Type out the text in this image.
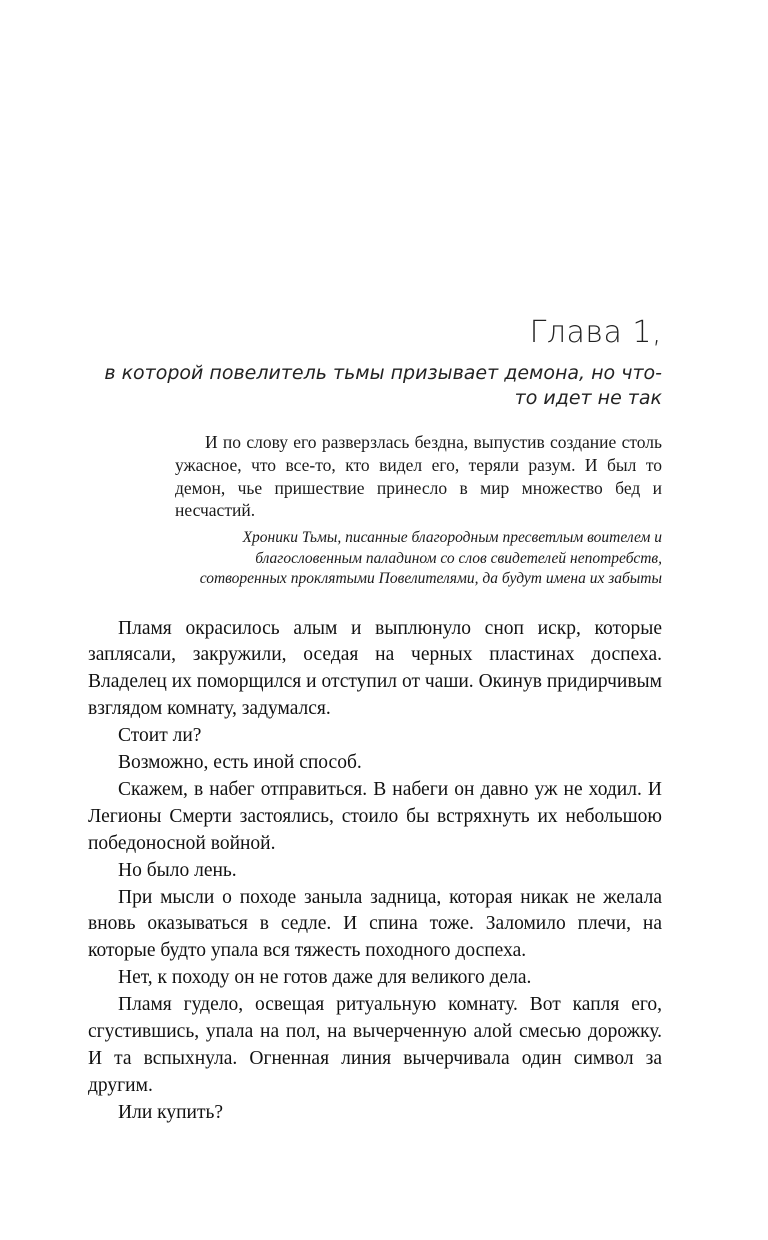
Глава 1,
в которой повелитель тьмы призывает демона, но что-то идет не так
И по слову его разверзлась бездна, выпустив создание столь ужасное, что все-то, кто видел его, теряли разум. И был то демон, чье пришествие принесло в мир множество бед и несчастий.
Хроники Тьмы, писанные благородным пресветлым воителем и благословенным паладином со слов свидетелей непотребств, сотворенных проклятыми Повелителями, да будут имена их забыты

Пламя окрасилось алым и выплюнуло сноп искр, которые заплясали, закружили, оседая на черных пластинах доспеха. Владелец их поморщился и отступил от чаши. Окинув придирчивым взглядом комнату, задумался.

Стоит ли?

Возможно, есть иной способ.

Скажем, в набег отправиться. В набеги он давно уж не ходил. И Легионы Смерти застоялись, стоило бы встряхнуть их небольшою победоносной войной.

Но было лень.

При мысли о походе заныла задница, которая никак не желала вновь оказываться в седле. И спина тоже. Заломило плечи, на которые будто упала вся тяжесть походного доспеха.

Нет, к походу он не готов даже для великого дела.

Пламя гудело, освещая ритуальную комнату. Вот капля его, сгустившись, упала на пол, на вычерченную алой смесью дорожку. И та вспыхнула. Огненная линия вычерчивала один символ за другим.

Или купить?
